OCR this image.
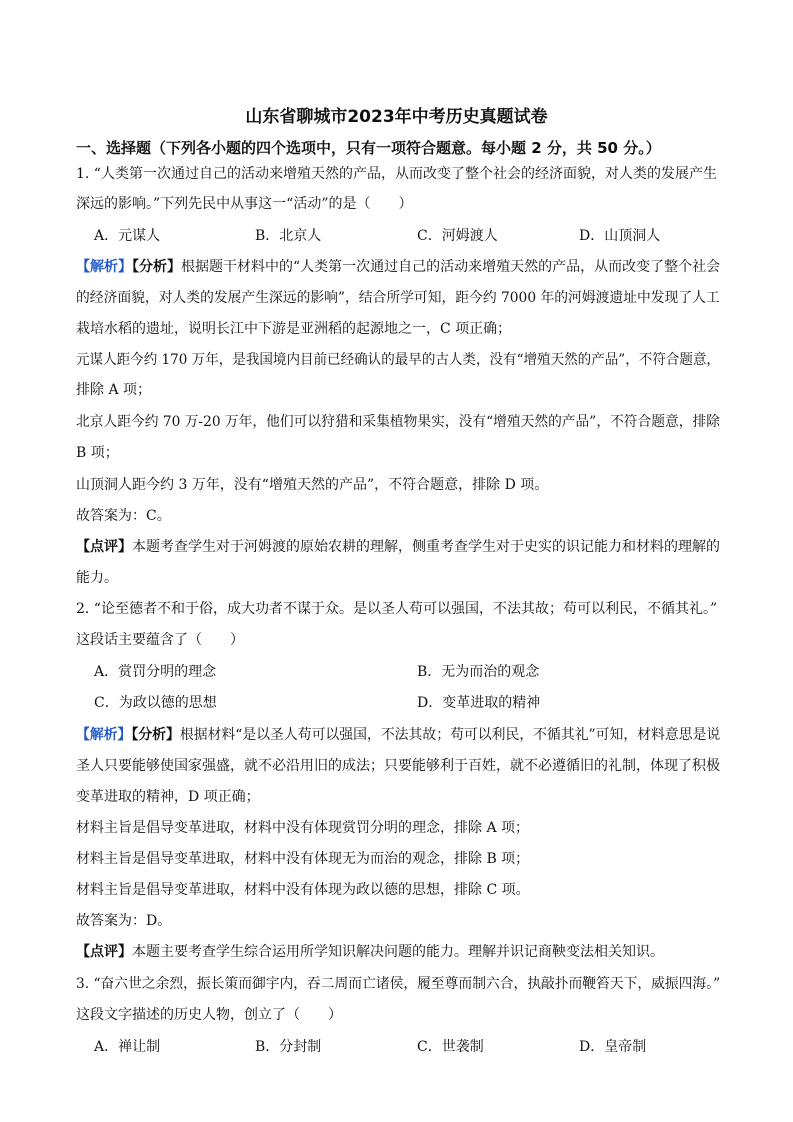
山东省聊城市2023年中考历史真题试卷
一、选择题（下列各小题的四个选项中，只有一项符合题意。每小题 2 分，共 50 分。）
1. “人类第一次通过自己的活动来增殖天然的产品，从而改变了整个社会的经济面貌，对人类的发展产生
深远的影响。”下列先民中从事这一“活动”的是（　　）
A．元谋人	B．北京人	C．河姆渡人	D．山顶洞人
【解析】【分析】根据题干材料中的“人类第一次通过自己的活动来增殖天然的产品，从而改变了整个社会
的经济面貌，对人类的发展产生深远的影响”，结合所学可知，距今约 7000 年的河姆渡遗址中发现了人工
栽培水稻的遗址，说明长江中下游是亚洲稻的起源地之一，C 项正确；
元谋人距今约 170 万年，是我国境内目前已经确认的最早的古人类，没有“增殖天然的产品”，不符合题意，
排除 A 项；
北京人距今约 70 万-20 万年，他们可以狩猎和采集植物果实，没有“增殖天然的产品”，不符合题意，排除
B 项；
山顶洞人距今约 3 万年，没有“增殖天然的产品”，不符合题意，排除 D 项。
故答案为：C。
【点评】本题考查学生对于河姆渡的原始农耕的理解，侧重考查学生对于史实的识记能力和材料的理解的
能力。
2. “论至德者不和于俗，成大功者不谋于众。是以圣人苟可以强国，不法其故；苟可以利民，不循其礼。”
这段话主要蕴含了（　　）
A．赏罚分明的理念	B．无为而治的观念
C．为政以德的思想	D．变革进取的精神
【解析】【分析】根据材料“是以圣人苟可以强国，不法其故；苟可以利民，不循其礼”可知，材料意思是说
圣人只要能够使国家强盛，就不必沿用旧的成法；只要能够利于百姓，就不必遵循旧的礼制，体现了积极
变革进取的精神，D 项正确；
材料主旨是倡导变革进取，材料中没有体现赏罚分明的理念，排除 A 项；
材料主旨是倡导变革进取，材料中没有体现无为而治的观念，排除 B 项；
材料主旨是倡导变革进取，材料中没有体现为政以德的思想，排除 C 项。
故答案为：D。
【点评】本题主要考查学生综合运用所学知识解决问题的能力。理解并识记商鞅变法相关知识。
3. “奋六世之余烈，振长策而御宇内，吞二周而亡诸侯，履至尊而制六合，执敲扑而鞭笞天下，威振四海。”
这段文字描述的历史人物，创立了（　　）
A．禅让制	B．分封制	C．世袭制	D．皇帝制
